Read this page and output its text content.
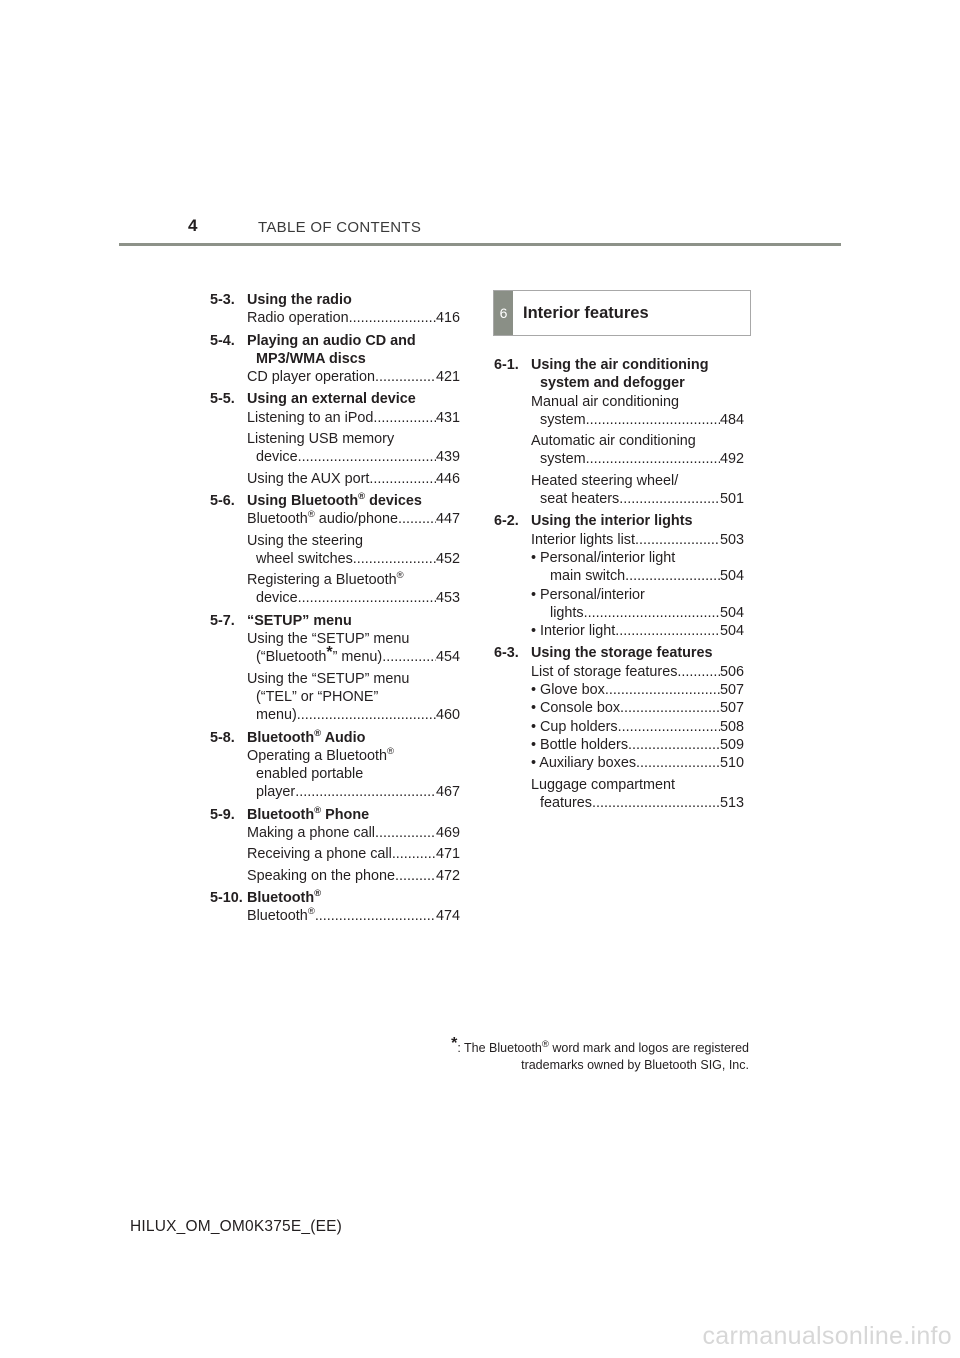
4	TABLE OF CONTENTS
5-3. Using the radio
Radio operation .....	416
5-4. Playing an audio CD and
MP3/WMA discs
CD player operation .....	421
5-5. Using an external device
Listening to an iPod .....	431
Listening USB memory
device .....	439
Using the AUX port .....	446
5-6. Using Bluetooth® devices
Bluetooth® audio/phone .....	447
Using the steering
wheel switches .....	452
Registering a Bluetooth®
device .....	453
5-7. “SETUP” menu
Using the “SETUP” menu
(“Bluetooth*” menu) .....	454
Using the “SETUP” menu
(“TEL” or “PHONE”
menu) .....	460
5-8. Bluetooth® Audio
Operating a Bluetooth®
enabled portable
player .....	467
5-9. Bluetooth® Phone
Making a phone call .....	469
Receiving a phone call .....	471
Speaking on the phone .....	472
5-10. Bluetooth®
Bluetooth® .....	474
6 Interior features
6-1. Using the air conditioning
system and defogger
Manual air conditioning
system .....	484
Automatic air conditioning
system .....	492
Heated steering wheel/
seat heaters .....	501
6-2. Using the interior lights
Interior lights list .....	503
• Personal/interior light
main switch .....	504
• Personal/interior
lights .....	504
• Interior light .....	504
6-3. Using the storage features
List of storage features .....	506
• Glove box .....	507
• Console box .....	507
• Cup holders .....	508
• Bottle holders .....	509
• Auxiliary boxes .....	510
Luggage compartment
features .....	513
*: The Bluetooth® word mark and logos are registered
trademarks owned by Bluetooth SIG, Inc.
HILUX_OM_OM0K375E_(EE)
carmanualsonline.info
